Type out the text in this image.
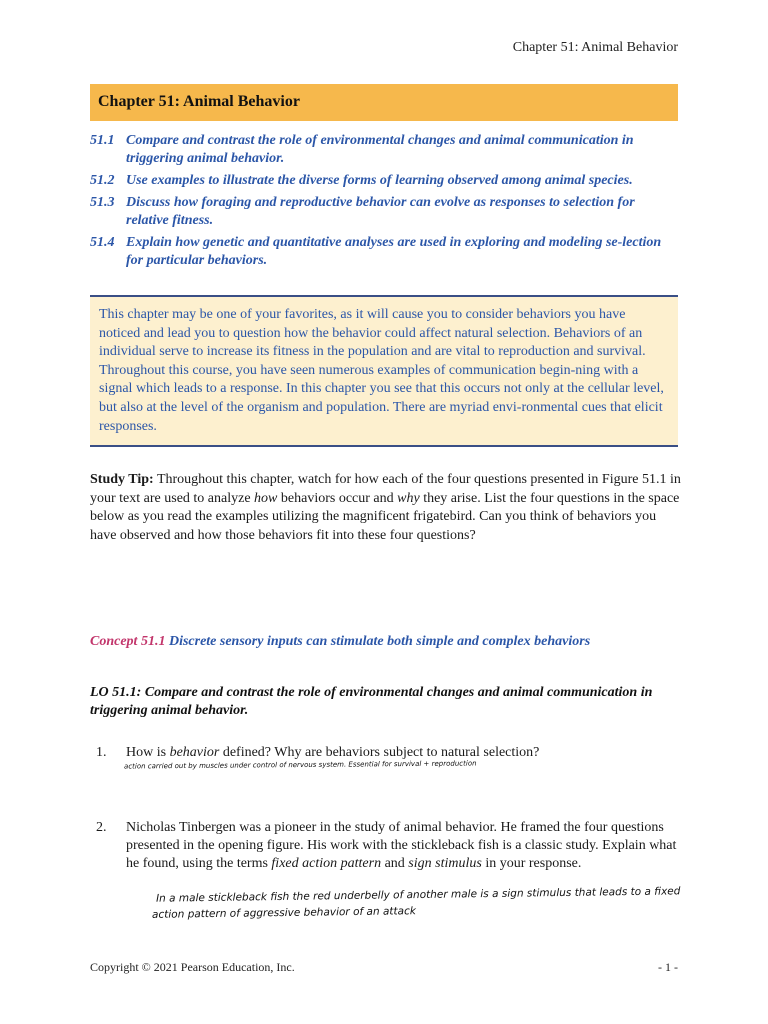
Chapter 51: Animal Behavior
Chapter 51: Animal Behavior
51.1 Compare and contrast the role of environmental changes and animal communication in triggering animal behavior.
51.2 Use examples to illustrate the diverse forms of learning observed among animal species.
51.3 Discuss how foraging and reproductive behavior can evolve as responses to selection for relative fitness.
51.4 Explain how genetic and quantitative analyses are used in exploring and modeling se-lection for particular behaviors.
This chapter may be one of your favorites, as it will cause you to consider behaviors you have noticed and lead you to question how the behavior could affect natural selection. Behaviors of an individual serve to increase its fitness in the population and are vital to reproduction and survival. Throughout this course, you have seen numerous examples of communication begin-ning with a signal which leads to a response. In this chapter you see that this occurs not only at the cellular level, but also at the level of the organism and population. There are myriad envi-ronmental cues that elicit responses.
Study Tip: Throughout this chapter, watch for how each of the four questions presented in Figure 51.1 in your text are used to analyze how behaviors occur and why they arise. List the four questions in the space below as you read the examples utilizing the magnificent frigatebird. Can you think of behaviors you have observed and how those behaviors fit into these four questions?
Concept 51.1 Discrete sensory inputs can stimulate both simple and complex behaviors
LO 51.1: Compare and contrast the role of environmental changes and animal communication in triggering animal behavior.
1.	How is behavior defined? Why are behaviors subject to natural selection?
action carried out by muscles under control of nervous system. Essential for survival + reproduction
2.	Nicholas Tinbergen was a pioneer in the study of animal behavior. He framed the four questions presented in the opening figure. His work with the stickleback fish is a classic study. Explain what he found, using the terms fixed action pattern and sign stimulus in your response.
In a male stickleback fish the red underbelly of another male is a sign stimulus that leads to a fixed
action pattern of aggressive behavior of an attack
Copyright © 2021 Pearson Education, Inc.	- 1 -
